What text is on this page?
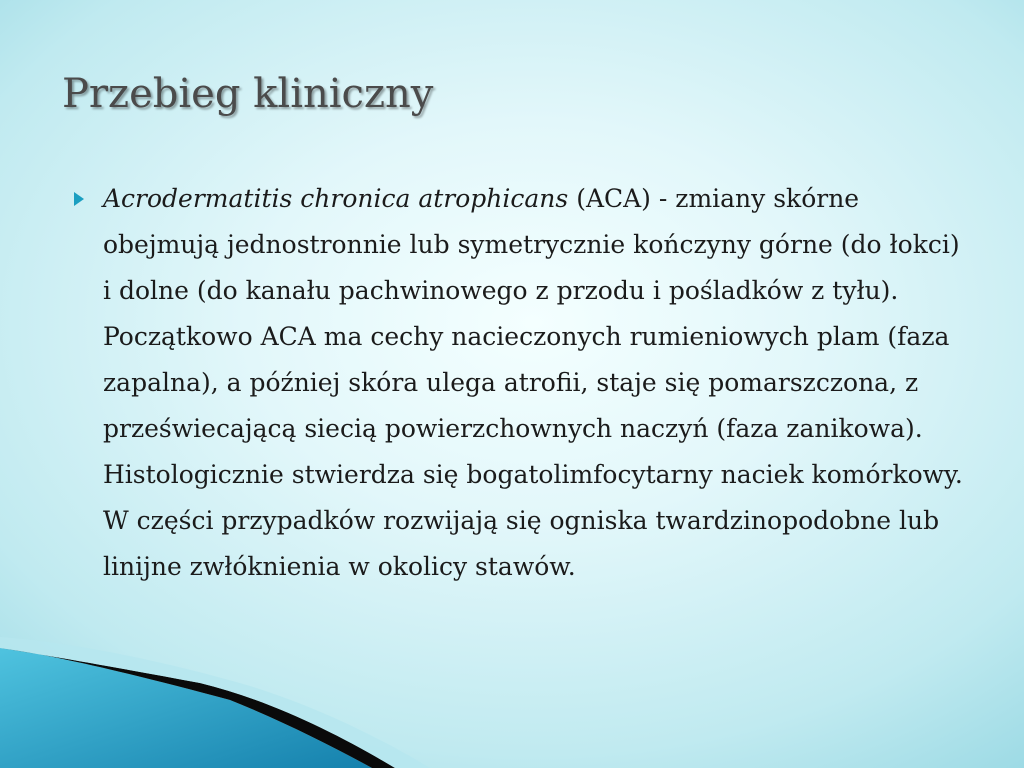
Przebieg kliniczny
Acrodermatitis chronica atrophicans (ACA) - zmiany skórne obejmują jednostronnie lub symetrycznie kończyny górne (do łokci) i dolne (do kanału pachwinowego z przodu i pośladków z tyłu). Początkowo ACA ma cechy nacieczonych rumieniowych plam (faza zapalna), a później skóra ulega atrofii, staje się pomarszczona, z przeświecającą siecią powierzchownych naczyń (faza zanikowa). Histologicznie stwierdza się bogatolimfocytarny naciek komórkowy. W części przypadków rozwijają się ogniska twardzinopodobne lub linijne zwłóknienia w okolicy stawów.
